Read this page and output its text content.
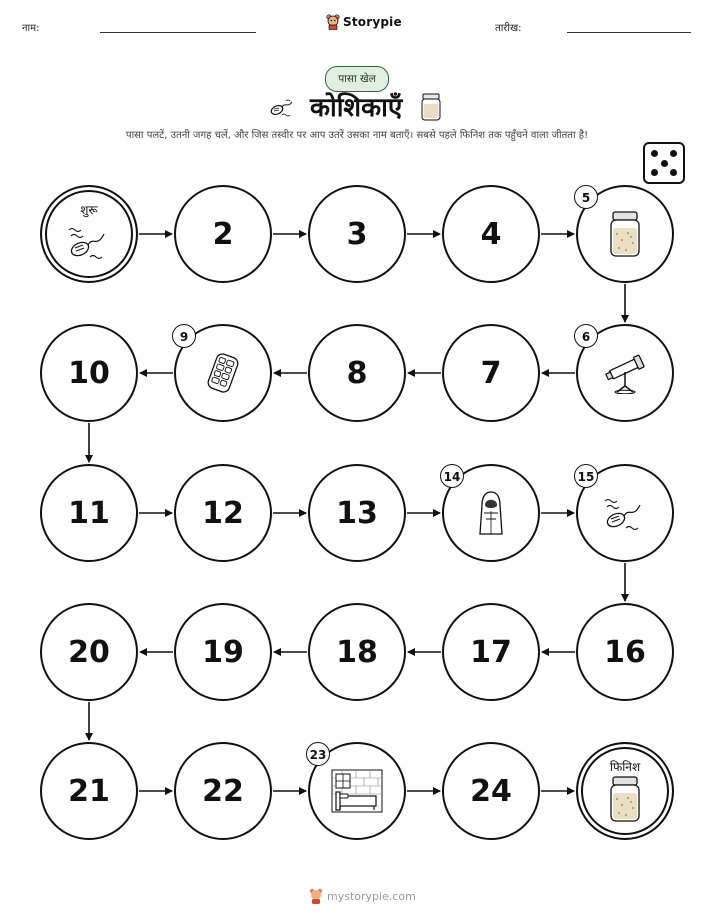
नाम:	Storypie	तारीख:
पासा खेल
कोशिकाएँ
पासा पलटें, उतनी जगह चलें, और जिस तस्वीर पर आप उतरें उसका नाम बताएँ। सबसे पहले फिनिश तक पहुँचने वाला जीतता है!
शुरू
2	3	4
5
6
7
8
9
10
11	12	13
14	15
16
17
18
19
20
21	22
23
24
फिनिश
mystorypie.com
